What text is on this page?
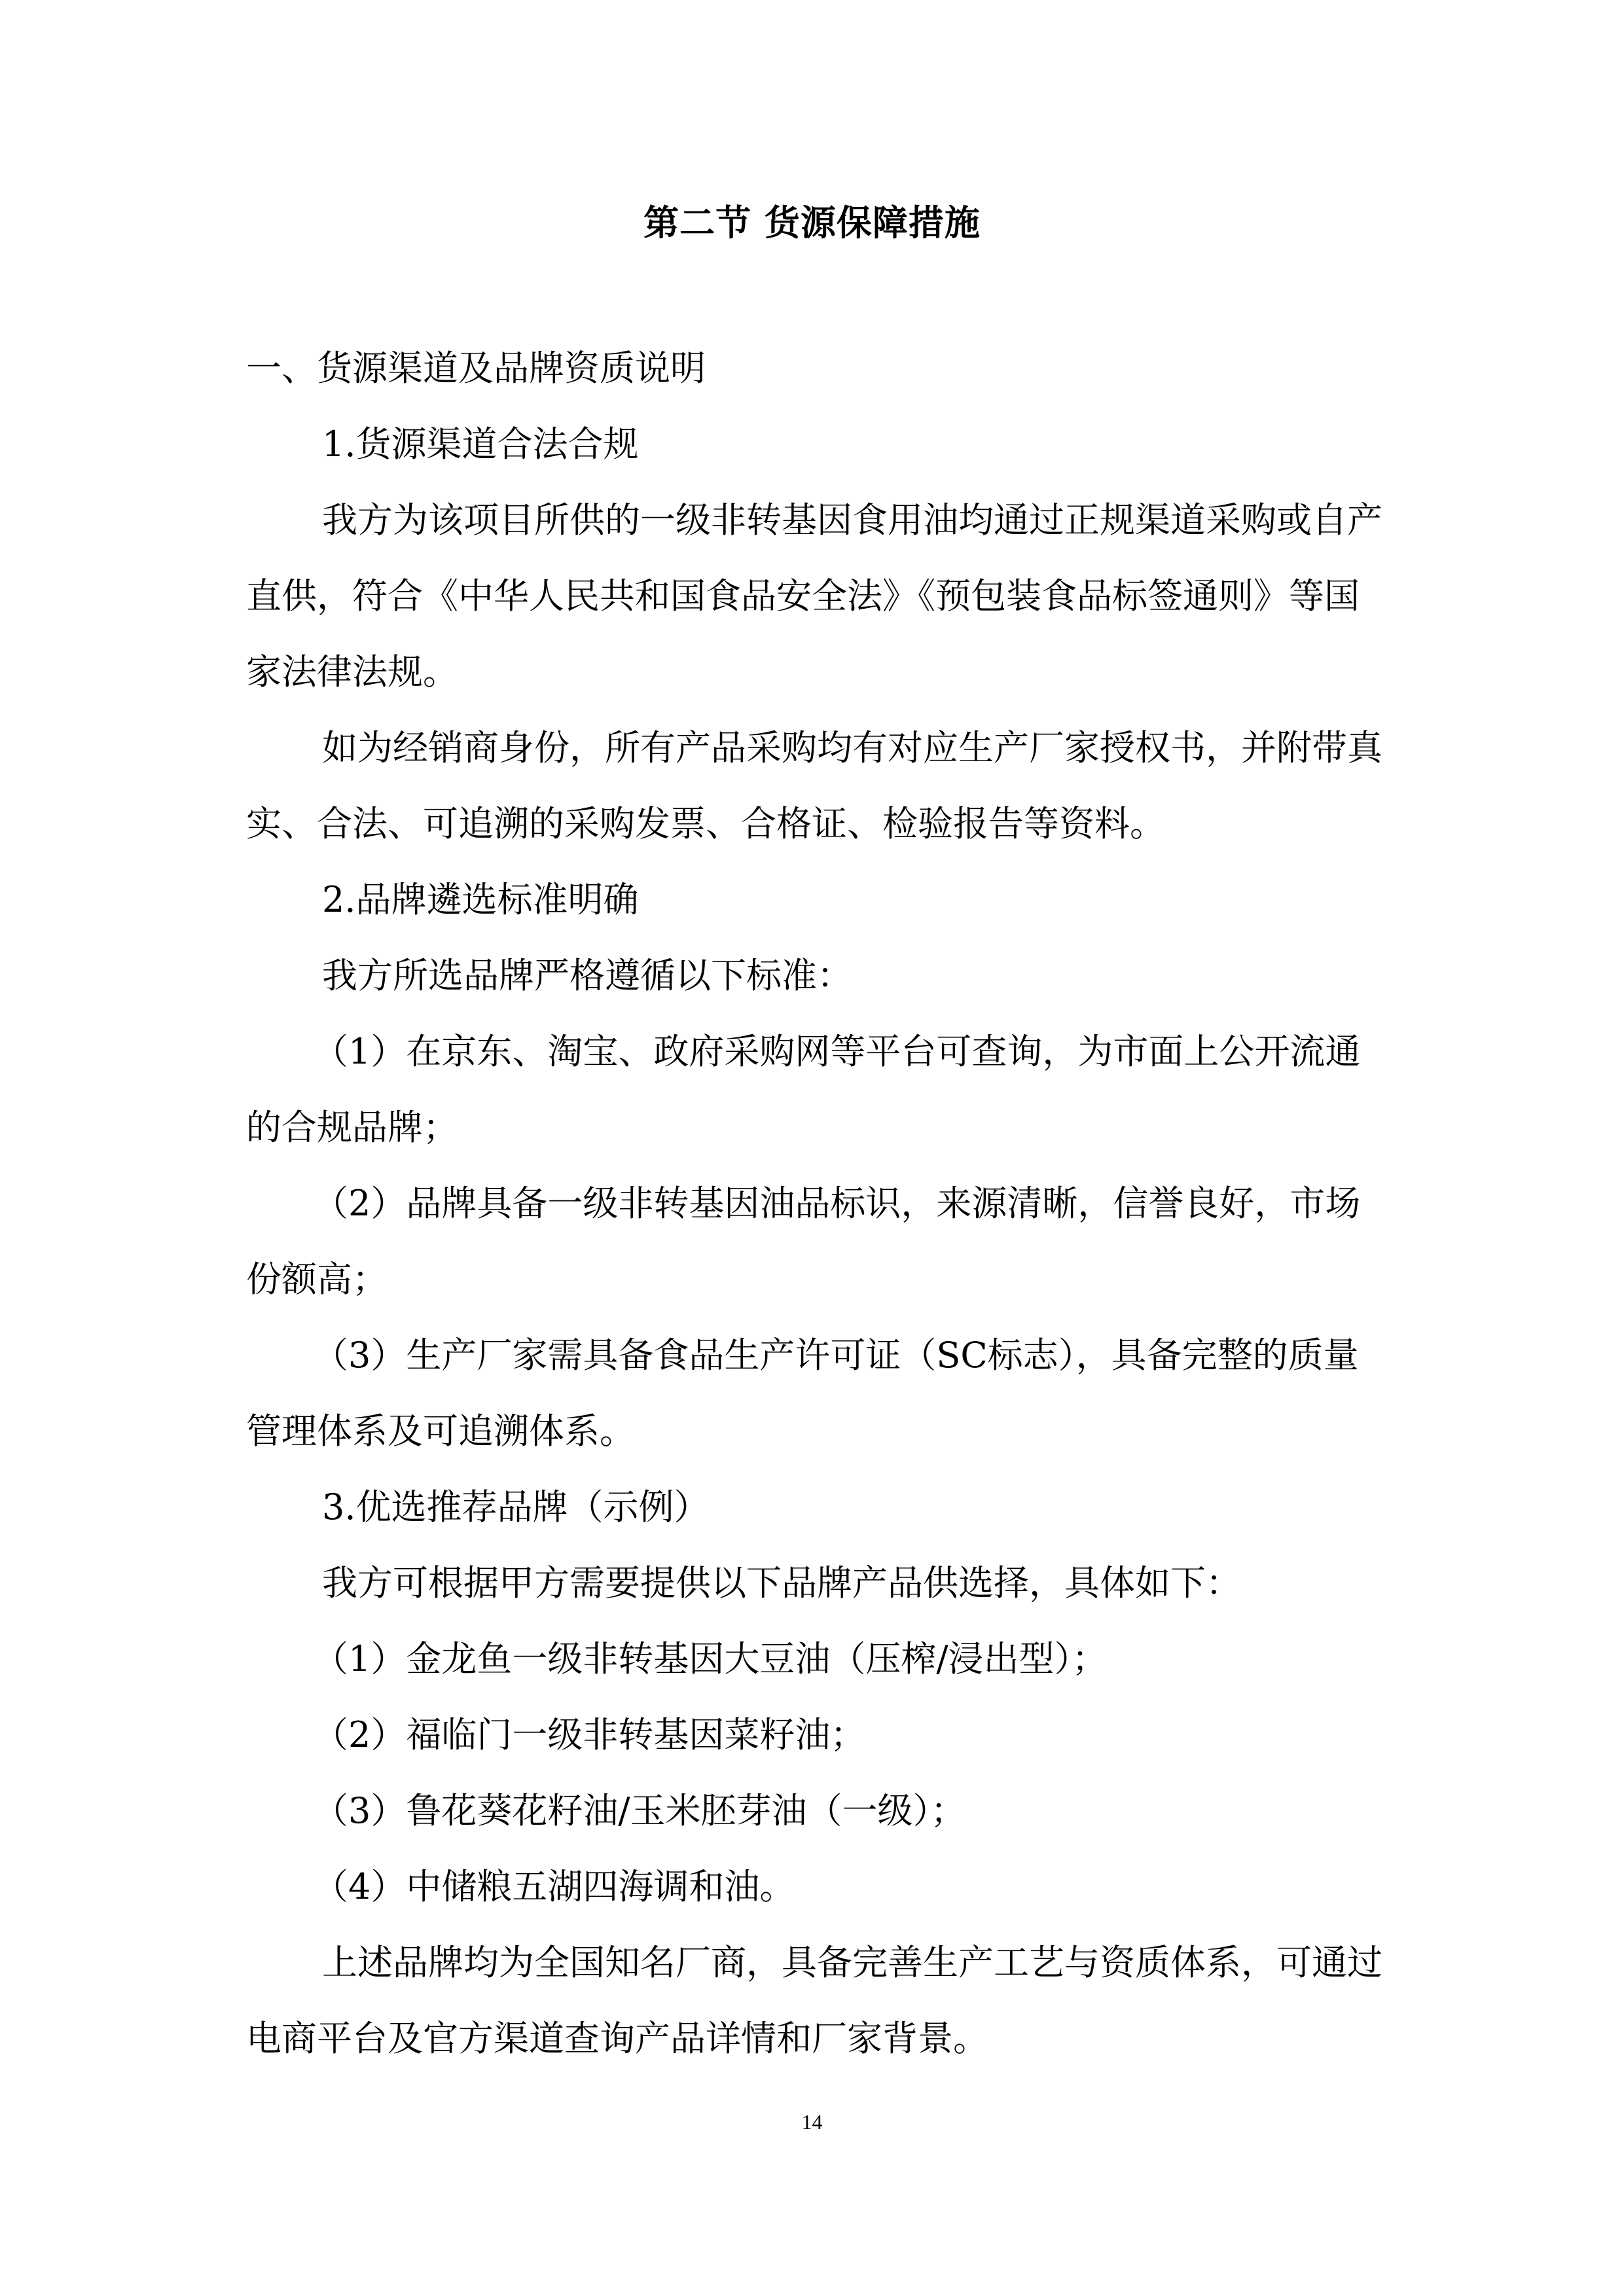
第二节 货源保障措施

一、货源渠道及品牌资质说明

1.货源渠道合法合规

我方为该项目所供的一级非转基因食用油均通过正规渠道采购或自产直供，符合《中华人民共和国食品安全法》《预包装食品标签通则》等国家法律法规。

如为经销商身份，所有产品采购均有对应生产厂家授权书，并附带真实、合法、可追溯的采购发票、合格证、检验报告等资料。

2.品牌遴选标准明确

我方所选品牌严格遵循以下标准：

（1）在京东、淘宝、政府采购网等平台可查询，为市面上公开流通的合规品牌；

（2）品牌具备一级非转基因油品标识，来源清晰，信誉良好，市场份额高；

（3）生产厂家需具备食品生产许可证（SC标志），具备完整的质量管理体系及可追溯体系。

3.优选推荐品牌（示例）

我方可根据甲方需要提供以下品牌产品供选择，具体如下：

（1）金龙鱼一级非转基因大豆油（压榨/浸出型）；

（2）福临门一级非转基因菜籽油；

（3）鲁花葵花籽油/玉米胚芽油（一级）；

（4）中储粮五湖四海调和油。

上述品牌均为全国知名厂商，具备完善生产工艺与资质体系，可通过电商平台及官方渠道查询产品详情和厂家背景。

14
